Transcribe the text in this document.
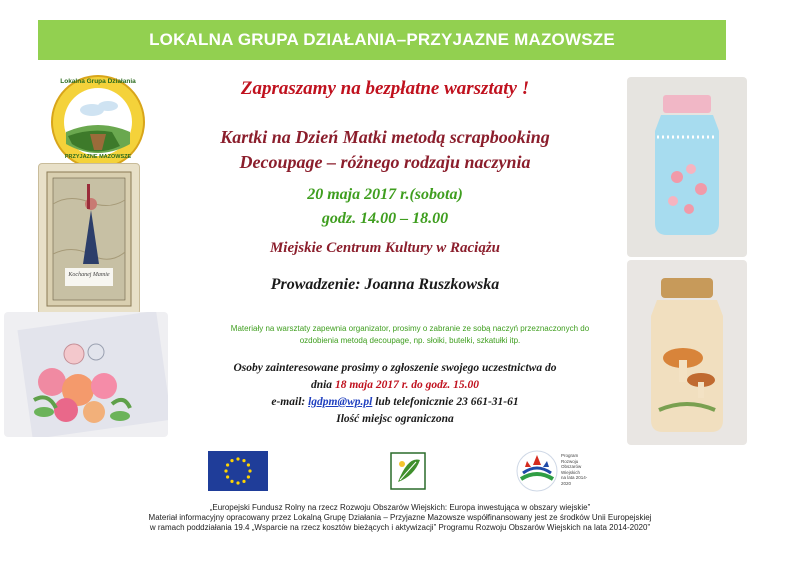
LOKALNA GRUPA DZIAŁANIA–PRZYJAZNE MAZOWSZE
Lokalna Grupa Działania
PRZYJAZNE MAZOWSZE
Kochanej Mamie
Zapraszamy na bezpłatne warsztaty !
Kartki na Dzień Matki metodą scrapbooking
Decoupage – różnego rodzaju naczynia
20 maja 2017 r.(sobota)
godz. 14.00 – 18.00
Miejskie Centrum Kultury w Raciążu
Prowadzenie: Joanna Ruszkowska
Materiały na warsztaty zapewnia organizator, prosimy o zabranie ze sobą naczyń przeznaczonych do
ozdobienia metodą decoupage, np. słoiki, butelki, szkatułki itp.
Osoby zainteresowane prosimy o zgłoszenie swojego uczestnictwa do
dnia 18 maja 2017 r. do godz. 15.00
e-mail: lgdpm@wp.pl lub telefonicznie 23 661-31-61
Ilość miejsc ograniczona
Program
Rozwoju
Obszarów
Wiejskich
na lata 2014-2020
„Europejski Fundusz Rolny na rzecz Rozwoju Obszarów Wiejskich: Europa inwestująca w obszary wiejskie”
Materiał informacyjny opracowany przez Lokalną Grupę Działania – Przyjazne Mazowsze współfinansowany jest ze środków Unii Europejskiej
w ramach poddziałania 19.4 „Wsparcie na rzecz kosztów bieżących i aktywizacji” Programu Rozwoju Obszarów Wiejskich na lata 2014-2020”
